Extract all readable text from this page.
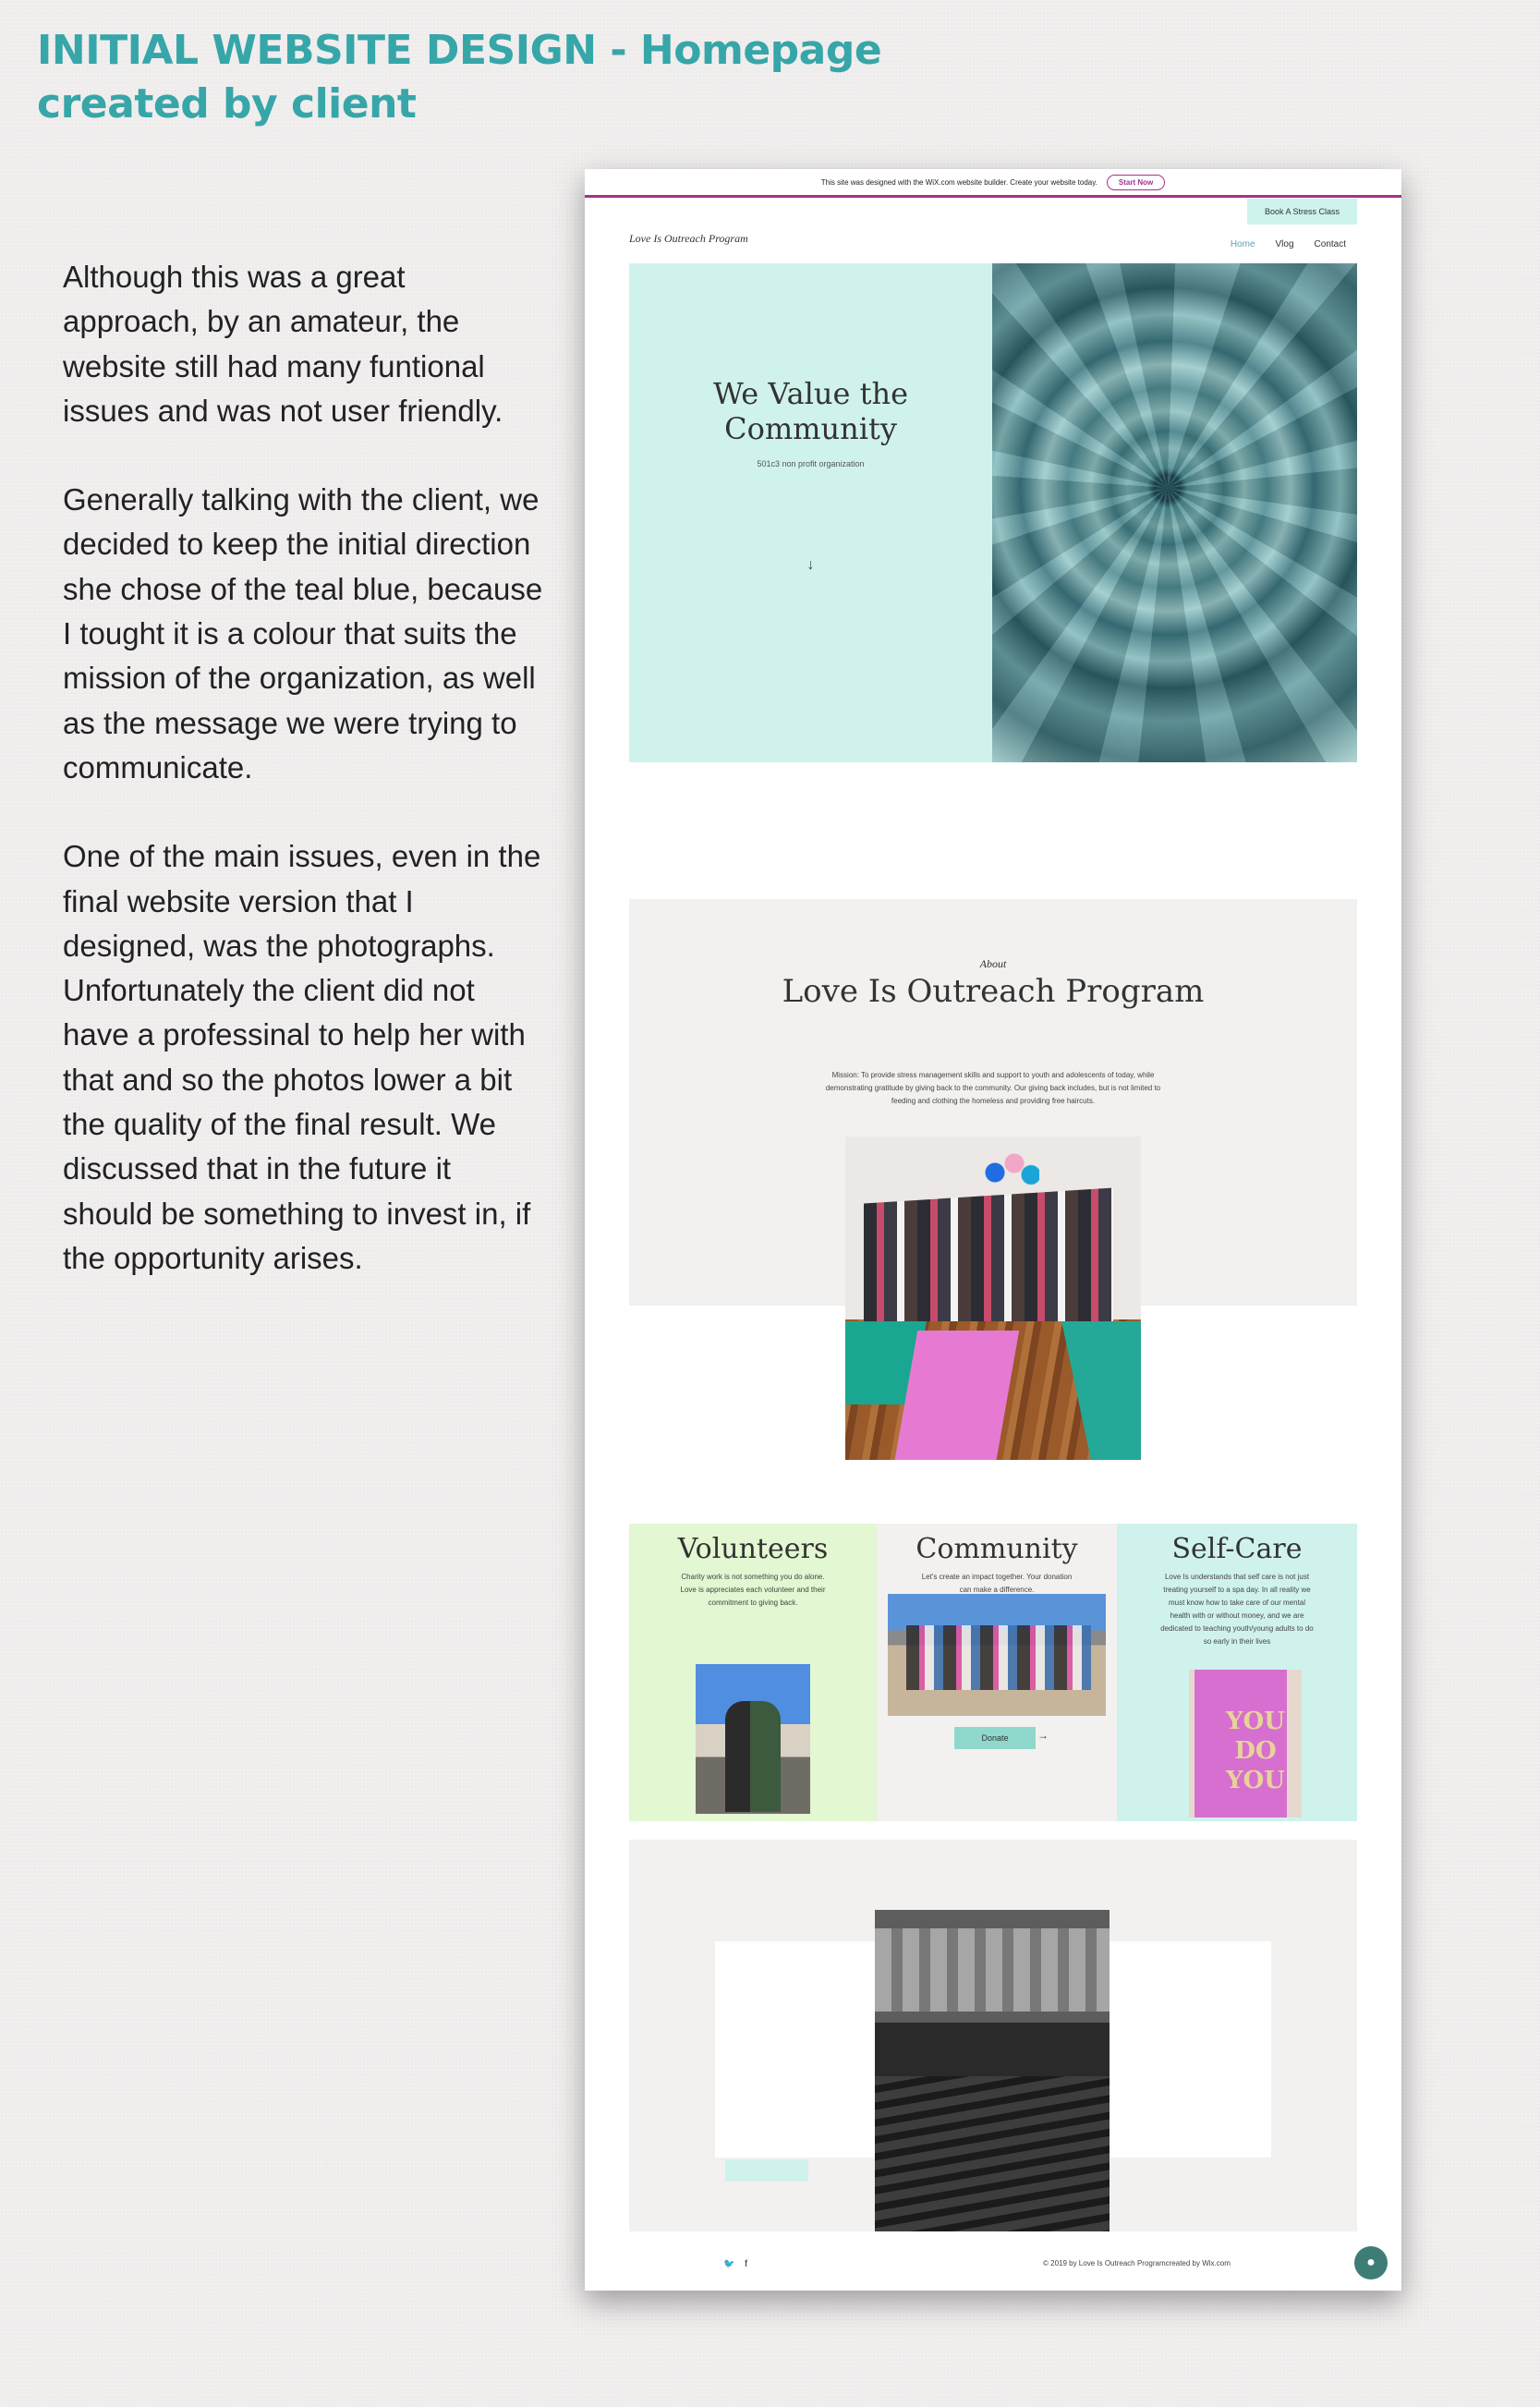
INITIAL WEBSITE DESIGN - Homepage
created by client

Although this was a great approach, by an amateur, the website still had many funtional issues and was not user friendly.

Generally talking with the client, we decided to keep the initial direction she chose of the teal blue, because I tought it is a colour that suits the mission of the organization, as well as the message we were trying to communicate.

One of the main issues, even in the final website version that I designed, was the photographs. Unfortunately the client did not have a professinal to help her with that and so the photos lower a bit the quality of the final result. We discussed that in the future it should be something to invest in, if the opportunity arises.

This site was designed with the WiX.com website builder. Create your website today.	Start Now
Book A Stress Class
Love Is Outreach Program	Home Vlog Contact
We Value the Community
501c3 non profit organization
↓
About
Love Is Outreach Program
Mission: To provide stress management skills and support to youth and adolescents of today, while demonstrating gratitude by giving back to the community. Our giving back includes, but is not limited to feeding and clothing the homeless and providing free haircuts.
Volunteers
Charity work is not something you do alone. Love is appreciates each volunteer and their commitment to giving back.
Community
Let's create an impact together. Your donation can make a difference.
Donate	→
Self-Care
Love Is understands that self care is not just treating yourself to a spa day. In all reality we must know how to take care of our mental health with or without money, and we are dedicated to teaching youth/young adults to do so early in their lives
YOU DO YOU
🐦 f	© 2019 by Love Is Outreach Programcreated by Wix.com	●
